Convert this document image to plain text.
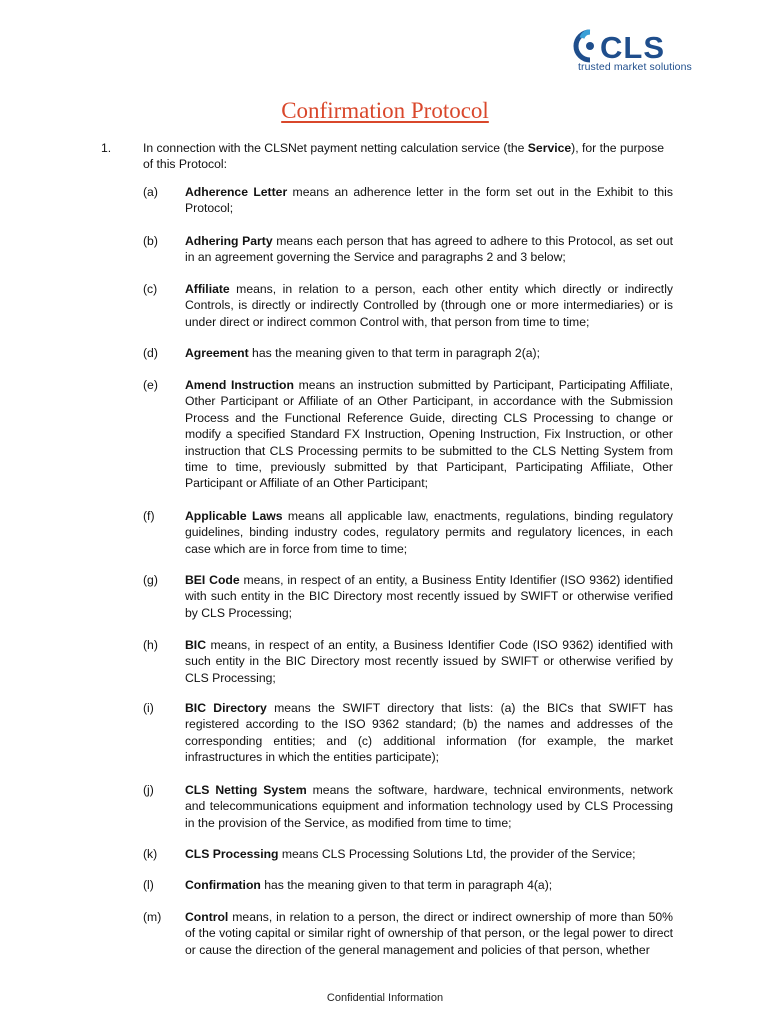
CLS
trusted market solutions
Confirmation Protocol
1.	In connection with the CLSNet payment netting calculation service (the Service), for the purpose of this Protocol:
(a) Adherence Letter means an adherence letter in the form set out in the Exhibit to this Protocol;
(b) Adhering Party means each person that has agreed to adhere to this Protocol, as set out in an agreement governing the Service and paragraphs 2 and 3 below;
(c) Affiliate means, in relation to a person, each other entity which directly or indirectly Controls, is directly or indirectly Controlled by (through one or more intermediaries) or is under direct or indirect common Control with, that person from time to time;
(d) Agreement has the meaning given to that term in paragraph 2(a);
(e) Amend Instruction means an instruction submitted by Participant, Participating Affiliate, Other Participant or Affiliate of an Other Participant, in accordance with the Submission Process and the Functional Reference Guide, directing CLS Processing to change or modify a specified Standard FX Instruction, Opening Instruction, Fix Instruction, or other instruction that CLS Processing permits to be submitted to the CLS Netting System from time to time, previously submitted by that Participant, Participating Affiliate, Other Participant or Affiliate of an Other Participant;
(f) Applicable Laws means all applicable law, enactments, regulations, binding regulatory guidelines, binding industry codes, regulatory permits and regulatory licences, in each case which are in force from time to time;
(g) BEI Code means, in respect of an entity, a Business Entity Identifier (ISO 9362) identified with such entity in the BIC Directory most recently issued by SWIFT or otherwise verified by CLS Processing;
(h) BIC means, in respect of an entity, a Business Identifier Code (ISO 9362) identified with such entity in the BIC Directory most recently issued by SWIFT or otherwise verified by CLS Processing;
(i)	BIC Directory means the SWIFT directory that lists: (a) the BICs that SWIFT has registered according to the ISO 9362 standard; (b) the names and addresses of the corresponding entities; and (c) additional information (for example, the market infrastructures in which the entities participate);
(j)	CLS Netting System means the software, hardware, technical environments, network and telecommunications equipment and information technology used by CLS Processing in the provision of the Service, as modified from time to time;
(k) CLS Processing means CLS Processing Solutions Ltd, the provider of the Service;
(l)	Confirmation has the meaning given to that term in paragraph 4(a);
(m) Control means, in relation to a person, the direct or indirect ownership of more than 50% of the voting capital or similar right of ownership of that person, or the legal power to direct or cause the direction of the general management and policies of that person, whether
Confidential Information
